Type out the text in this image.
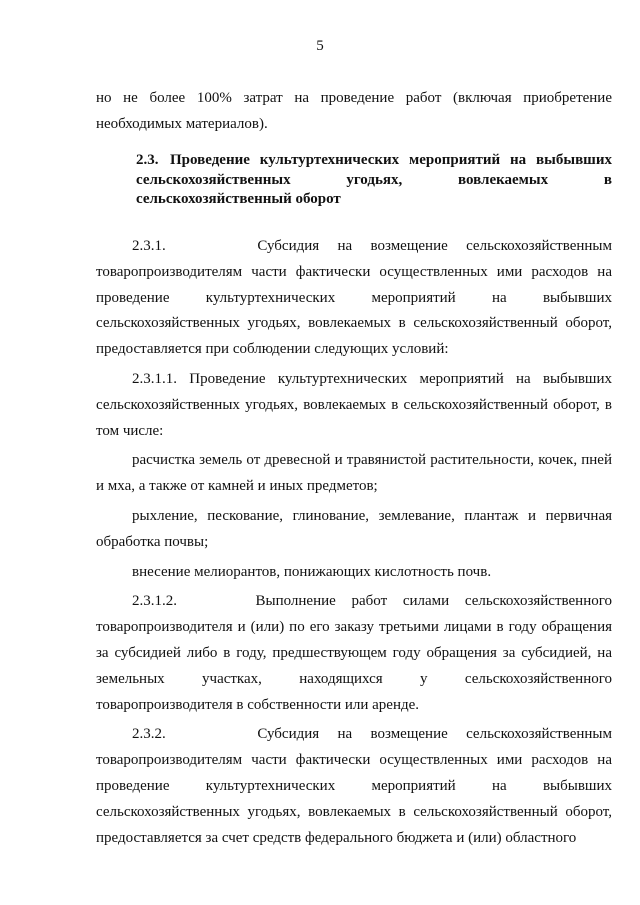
5

но не более 100% затрат на проведение работ (включая приобретение необходимых материалов).

2.3. Проведение культуртехнических мероприятий на выбывших сельскохозяйственных угодьях, вовлекаемых в сельскохозяйственный оборот

2.3.1.     Субсидия на возмещение сельскохозяйственным товаропроизводителям части фактически осуществленных ими расходов на проведение культуртехнических мероприятий на выбывших сельскохозяйственных угодьях, вовлекаемых в сельскохозяйственный оборот, предоставляется при соблюдении следующих условий:

2.3.1.1. Проведение культуртехнических мероприятий на выбывших сельскохозяйственных угодьях, вовлекаемых в сельскохозяйственный оборот, в том числе:

расчистка земель от древесной и травянистой растительности, кочек, пней и мха, а также от камней и иных предметов;

рыхление, пескование, глинование, землевание, плантаж и первичная обработка почвы;

внесение мелиорантов, понижающих кислотность почв.

2.3.1.2.     Выполнение работ силами сельскохозяйственного товаропроизводителя и (или) по его заказу третьими лицами в году обращения за субсидией либо в году, предшествующем году обращения за субсидией, на земельных участках, находящихся у сельскохозяйственного товаропроизводителя в собственности или аренде.

2.3.2.     Субсидия на возмещение сельскохозяйственным товаропроизводителям части фактически осуществленных ими расходов на проведение культуртехнических мероприятий на выбывших сельскохозяйственных угодьях, вовлекаемых в сельскохозяйственный оборот, предоставляется за счет средств федерального бюджета и (или) областного
